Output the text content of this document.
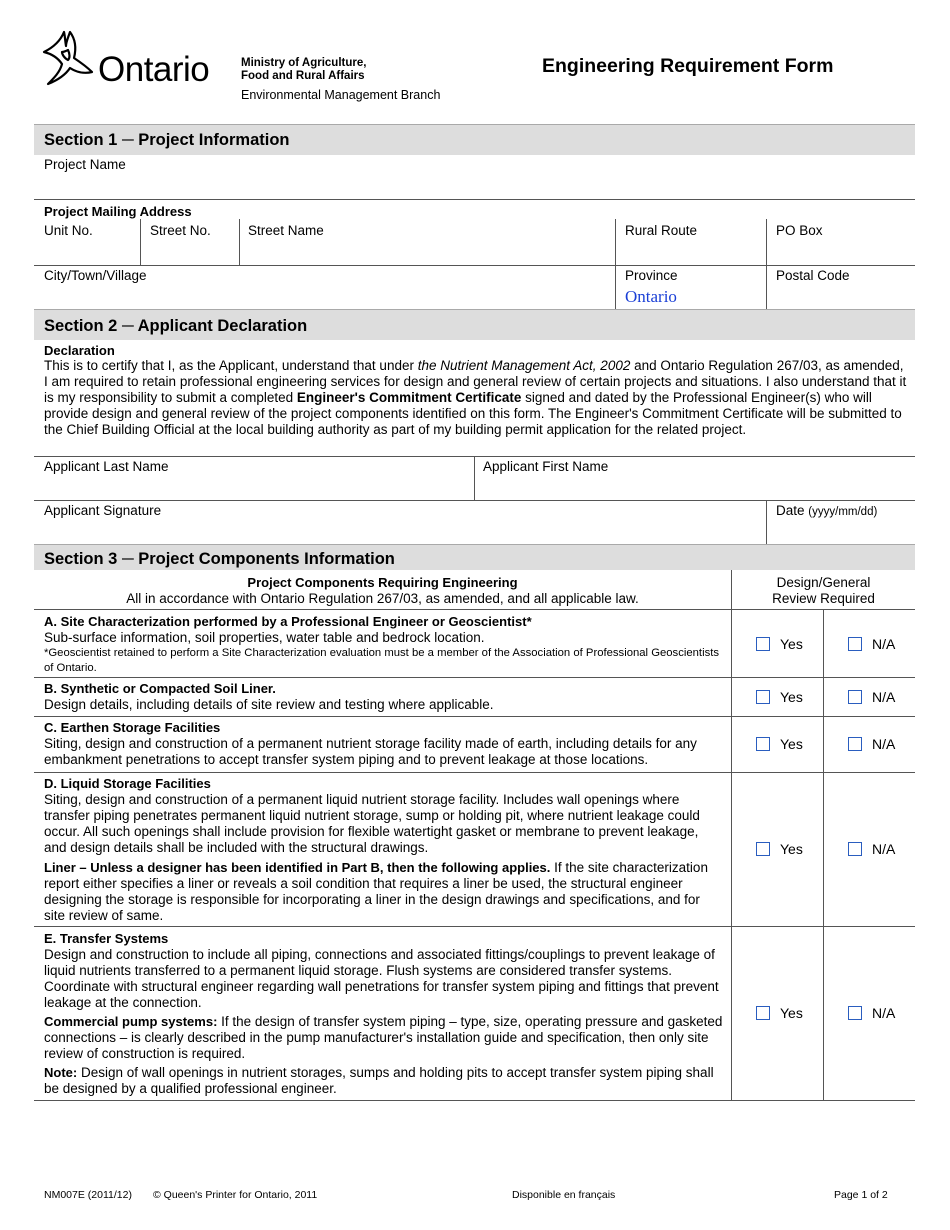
Ontario	Ministry of Agriculture,
Food and Rural Affairs
Environmental Management Branch
Engineering Requirement Form
Section 1 ─ Project Information
Project Name
Project Mailing Address
Unit No.	Street No.	Street Name	Rural Route	PO Box
City/Town/Village	Province
Ontario
Postal Code
Section 2 ─ Applicant Declaration
Declaration
This is to certify that I, as the Applicant, understand that under the Nutrient Management Act, 2002 and Ontario Regulation 267/03, as amended, I am required to retain professional engineering services for design and general review of certain projects and situations. I also understand that it is my responsibility to submit a completed Engineer's Commitment Certificate signed and dated by the Professional Engineer(s) who will provide design and general review of the project components identified on this form. The Engineer's Commitment Certificate will be submitted to the Chief Building Official at the local building authority as part of my building permit application for the related project.
Applicant Last Name	Applicant First Name
Applicant Signature	Date (yyyy/mm/dd)
Section 3 ─ Project Components Information
Project Components Requiring Engineering
All in accordance with Ontario Regulation 267/03, as amended, and all applicable law.
Design/General
Review Required
A. Site Characterization performed by a Professional Engineer or Geoscientist*
Sub-surface information, soil properties, water table and bedrock location.
*Geoscientist retained to perform a Site Characterization evaluation must be a member of the Association of Professional Geoscientists of Ontario.
Yes	N/A
B. Synthetic or Compacted Soil Liner.
Design details, including details of site review and testing where applicable.	Yes	N/A
C. Earthen Storage Facilities
Siting, design and construction of a permanent nutrient storage facility made of earth, including details for any embankment penetrations to accept transfer system piping and to prevent leakage at those locations.
Yes	N/A
D. Liquid Storage Facilities
Siting, design and construction of a permanent liquid nutrient storage facility. Includes wall openings where transfer piping penetrates permanent liquid nutrient storage, sump or holding pit, where nutrient leakage could occur. All such openings shall include provision for flexible watertight gasket or membrane to prevent leakage, and design details shall be included with the structural drawings.
Liner – Unless a designer has been identified in Part B, then the following applies. If the site characterization report either specifies a liner or reveals a soil condition that requires a liner be used, the structural engineer designing the storage is responsible for incorporating a liner in the design drawings and specifications, and for site review of same.
Yes	N/A
E. Transfer Systems
Design and construction to include all piping, connections and associated fittings/couplings to prevent leakage of liquid nutrients transferred to a permanent liquid storage. Flush systems are considered transfer systems. Coordinate with structural engineer regarding wall penetrations for transfer system piping and fittings that prevent leakage at the connection.
Commercial pump systems: If the design of transfer system piping – type, size, operating pressure and gasketed connections – is clearly described in the pump manufacturer's installation guide and specification, then only site review of construction is required.
Note: Design of wall openings in nutrient storages, sumps and holding pits to accept transfer system piping shall be designed by a qualified professional engineer.
Yes	N/A
NM007E (2011/12) © Queen's Printer for Ontario, 2011	Disponible en français	Page 1 of 2
